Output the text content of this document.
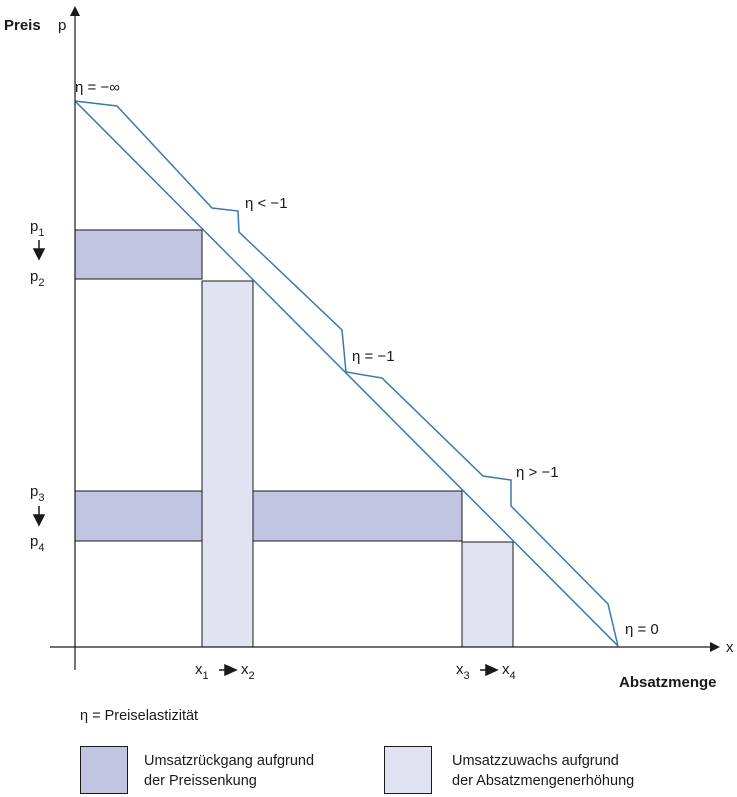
Preis p
x
Absatzmenge
$p_1$
$p_2$
$p_3$
$p_4$
$x_1$ $x_2$	$x_3$ $x_4$
η = −∞
η < −1
η = −1
η > −1
η = 0
η = Preiselastizität
Umsatzrückgang aufgrund
der Preissenkung
Umsatzzuwachs aufgrund
der Absatzmengenerhöhung
